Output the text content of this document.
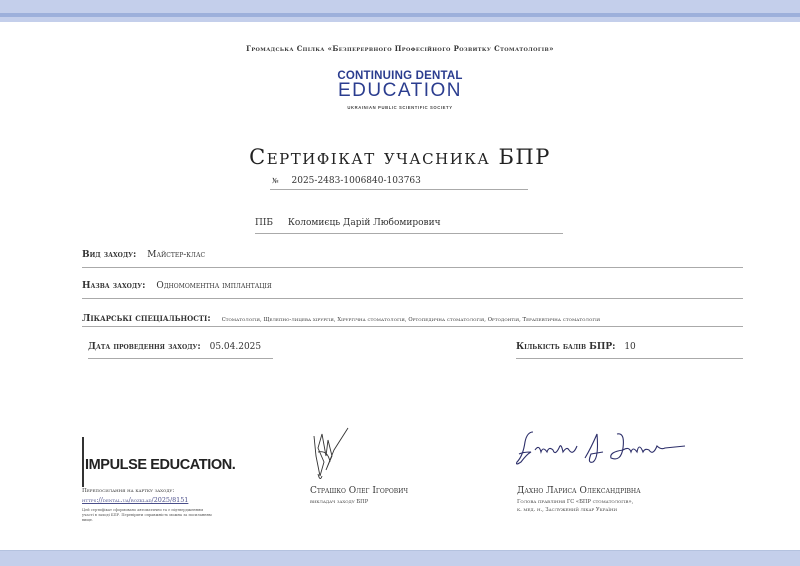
Громадська Спілка «Безперервного Професійного Розвитку Стоматологів»
CONTINUING DENTAL
EDUCATION
UKRAINIAN PUBLIC SCIENTIFIC SOCIETY
Сертифікат учасника БПР
№ 2025-2483-1006840-103763
ПІБ Коломиєць Дарій Любомирович
Вид заходу: Майстер-клас
Назва заходу: Одномоментна імплантація
Лікарські спеціальності: Стоматологія, Щелепно-лицева хірургія, Хірургічна стоматологія, Ортопедична стоматологія, Ортодонтія, Терапевтична стоматологія
Дата проведення заходу: 05.04.2025	Кількість балів БПР: 10
IMPULSE EDUCATION.
Перепосилання на картку заходу:
https://dental.ua/rozklad/2025/8151
Цей сертифікат сформовано автоматично та є підтвердженням участі в заході БПР. Перевірити справжність можна за посиланням вище.
Страшко Олег Ігорович
викладач заходу БПР
Дахно Лариса Олександрівна
Голова правління ГС «БПР стоматологів»,
к. мед. н., Заслужений лікар України
